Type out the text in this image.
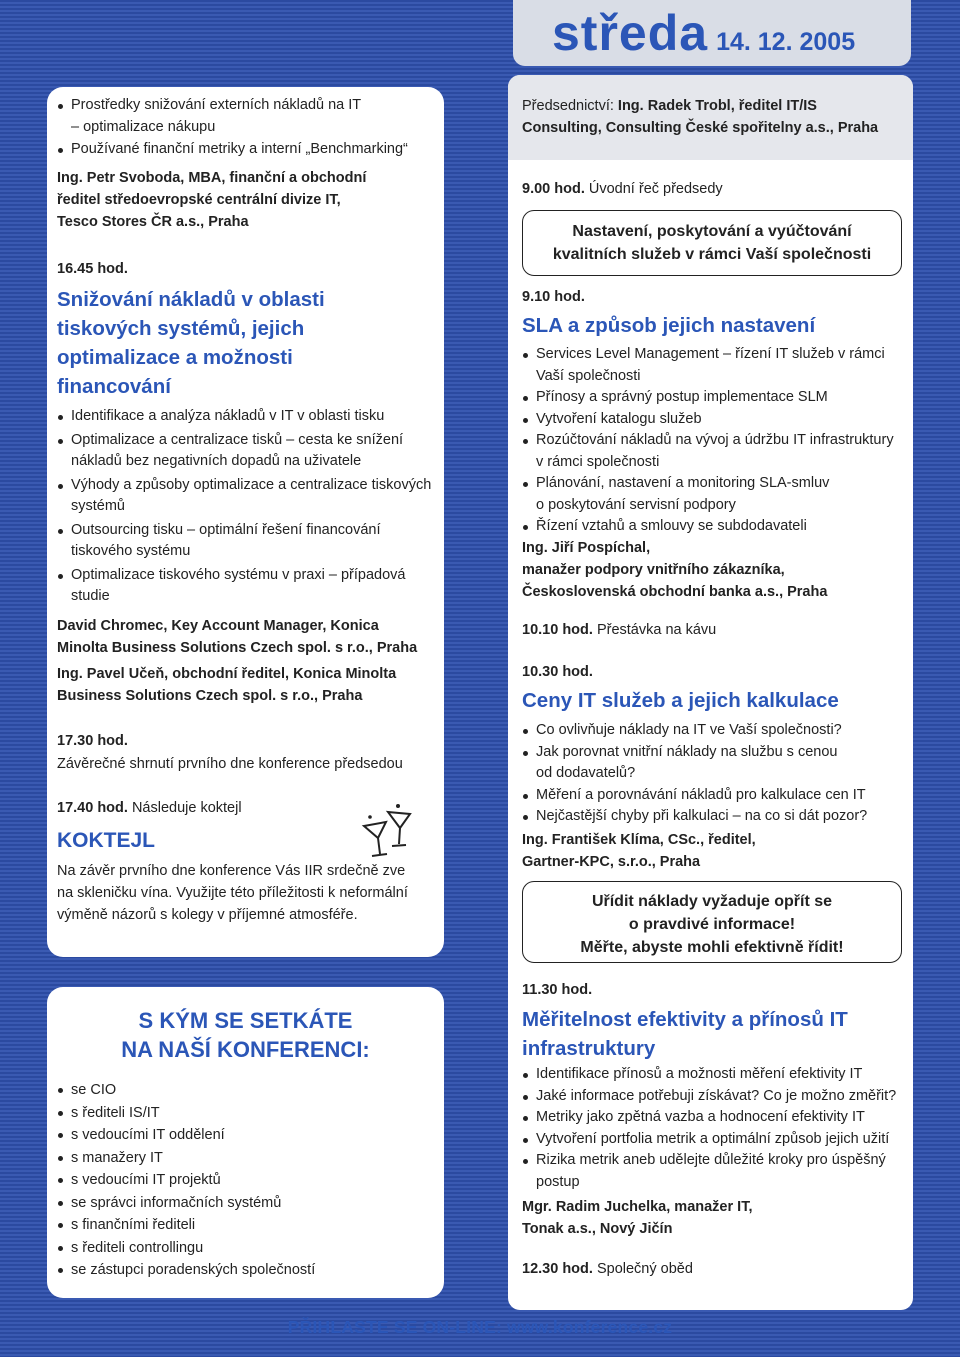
středa 14. 12. 2005
Prostředky snižování externích nákladů na IT
– optimalizace nákupu
Používané finanční metriky a interní „Benchmarking“
Ing. Petr Svoboda, MBA, finanční a obchodní
ředitel středoevropské centrální divize IT,
Tesco Stores ČR a.s., Praha
16.45 hod.
Snižování nákladů v oblasti
tiskových systémů, jejich
optimalizace a možnosti
financování
Identifikace a analýza nákladů v IT v oblasti tisku
Optimalizace a centralizace tisků – cesta ke snížení
nákladů bez negativních dopadů na uživatele
Výhody a způsoby optimalizace a centralizace tiskových
systémů
Outsourcing tisku – optimální řešení financování
tiskového systému
Optimalizace tiskového systému v praxi – případová
studie
David Chromec, Key Account Manager, Konica
Minolta Business Solutions Czech spol. s r.o., Praha
Ing. Pavel Učeň, obchodní ředitel, Konica Minolta
Business Solutions Czech spol. s r.o., Praha
17.30 hod.
Závěrečné shrnutí prvního dne konference předsedou
17.40 hod. Následuje koktejl
KOKTEJL
Na závěr prvního dne konference Vás IIR srdečně zve
na skleničku vína. Využijte této příležitosti k neformální
výměně názorů s kolegy v příjemné atmosféře.
S KÝM SE SETKÁTE
NA NAŠÍ KONFERENCI:
se CIO
s řediteli IS/IT
s vedoucími IT oddělení
s manažery IT
s vedoucími IT projektů
se správci informačních systémů
s finančními řediteli
s řediteli controllingu
se zástupci poradenských společností
Předsednictví: Ing. Radek Trobl, ředitel IT/IS
Consulting, Consulting České spořitelny a.s., Praha
9.00 hod. Úvodní řeč předsedy
Nastavení, poskytování a vyúčtování
kvalitních služeb v rámci Vaší společnosti
9.10 hod.
SLA a způsob jejich nastavení
Services Level Management – řízení IT služeb v rámci
Vaší společnosti
Přínosy a správný postup implementace SLM
Vytvoření katalogu služeb
Rozúčtování nákladů na vývoj a údržbu IT infrastruktury
v rámci společnosti
Plánování, nastavení a monitoring SLA-smluv
o poskytování servisní podpory
Řízení vztahů a smlouvy se subdodavateli
Ing. Jiří Pospíchal,
manažer podpory vnitřního zákazníka,
Československá obchodní banka a.s., Praha
10.10 hod. Přestávka na kávu
10.30 hod.
Ceny IT služeb a jejich kalkulace
Co ovlivňuje náklady na IT ve Vaší společnosti?
Jak porovnat vnitřní náklady na službu s cenou
od dodavatelů?
Měření a porovnávání nákladů pro kalkulace cen IT
Nejčastější chyby při kalkulaci – na co si dát pozor?
Ing. František Klíma, CSc., ředitel,
Gartner-KPC, s.r.o., Praha
Uřídit náklady vyžaduje opřít se
o pravdivé informace!
Měřte, abyste mohli efektivně řídit!
11.30 hod.
Měřitelnost efektivity a přínosů IT
infrastruktury
Identifikace přínosů a možnosti měření efektivity IT
Jaké informace potřebuji získávat? Co je možno změřit?
Metriky jako zpětná vazba a hodnocení efektivity IT
Vytvoření portfolia metrik a optimální způsob jejich užití
Rizika metrik aneb udělejte důležité kroky pro úspěšný
postup
Mgr. Radim Juchelka, manažer IT,
Tonak a.s., Nový Jičín
12.30 hod. Společný oběd
PŘIHLASTE SE ON-LINE: www.konference.cz
